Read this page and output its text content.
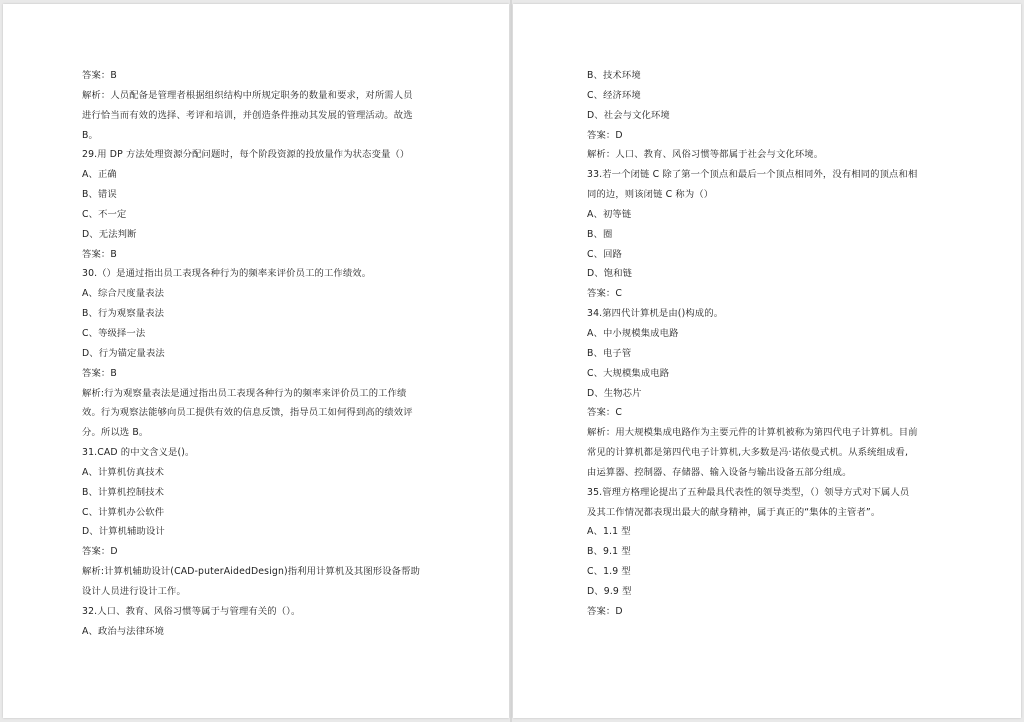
答案：B
解析：人员配备是管理者根据组织结构中所规定职务的数量和要求，对所需人员
进行恰当而有效的选择、考评和培训，并创造条件推动其发展的管理活动。故选
B。
29.用 DP 方法处理资源分配问题时，每个阶段资源的投放量作为状态变量（）
A、正确
B、错误
C、不一定
D、无法判断
答案：B
30.（）是通过指出员工表现各种行为的频率来评价员工的工作绩效。
A、综合尺度量表法
B、行为观察量表法
C、等级择一法
D、行为锚定量表法
答案：B
解析:行为观察量表法是通过指出员工表现各种行为的频率来评价员工的工作绩
效。行为观察法能够向员工提供有效的信息反馈，指导员工如何得到高的绩效评
分。所以选 B。
31.CAD 的中文含义是()。
A、计算机仿真技术
B、计算机控制技术
C、计算机办公软件
D、计算机辅助设计
答案：D
解析:计算机辅助设计(CAD-puterAidedDesign)指利用计算机及其图形设备帮助
设计人员进行设计工作。
32.人口、教育、风俗习惯等属于与管理有关的（）。
A、政治与法律环境
B、技术环境
C、经济环境
D、社会与文化环境
答案：D
解析：人口、教育、风俗习惯等都属于社会与文化环境。
33.若一个闭链 C 除了第一个顶点和最后一个顶点相同外，没有相同的顶点和相
同的边，则该闭链 C 称为（）
A、初等链
B、圈
C、回路
D、饱和链
答案：C
34.第四代计算机是由()构成的。
A、中小规模集成电路
B、电子管
C、大规模集成电路
D、生物芯片
答案：C
解析：用大规模集成电路作为主要元件的计算机被称为第四代电子计算机。目前
常见的计算机都是第四代电子计算机,大多数是冯·诺依曼式机。从系统组成看,
由运算器、控制器、存储器、输入设备与输出设备五部分组成。
35.管理方格理论提出了五种最具代表性的领导类型，（）领导方式对下属人员
及其工作情况都表现出最大的献身精神，属于真正的“集体的主管者”。
A、1.1 型
B、9.1 型
C、1.9 型
D、9.9 型
答案：D
